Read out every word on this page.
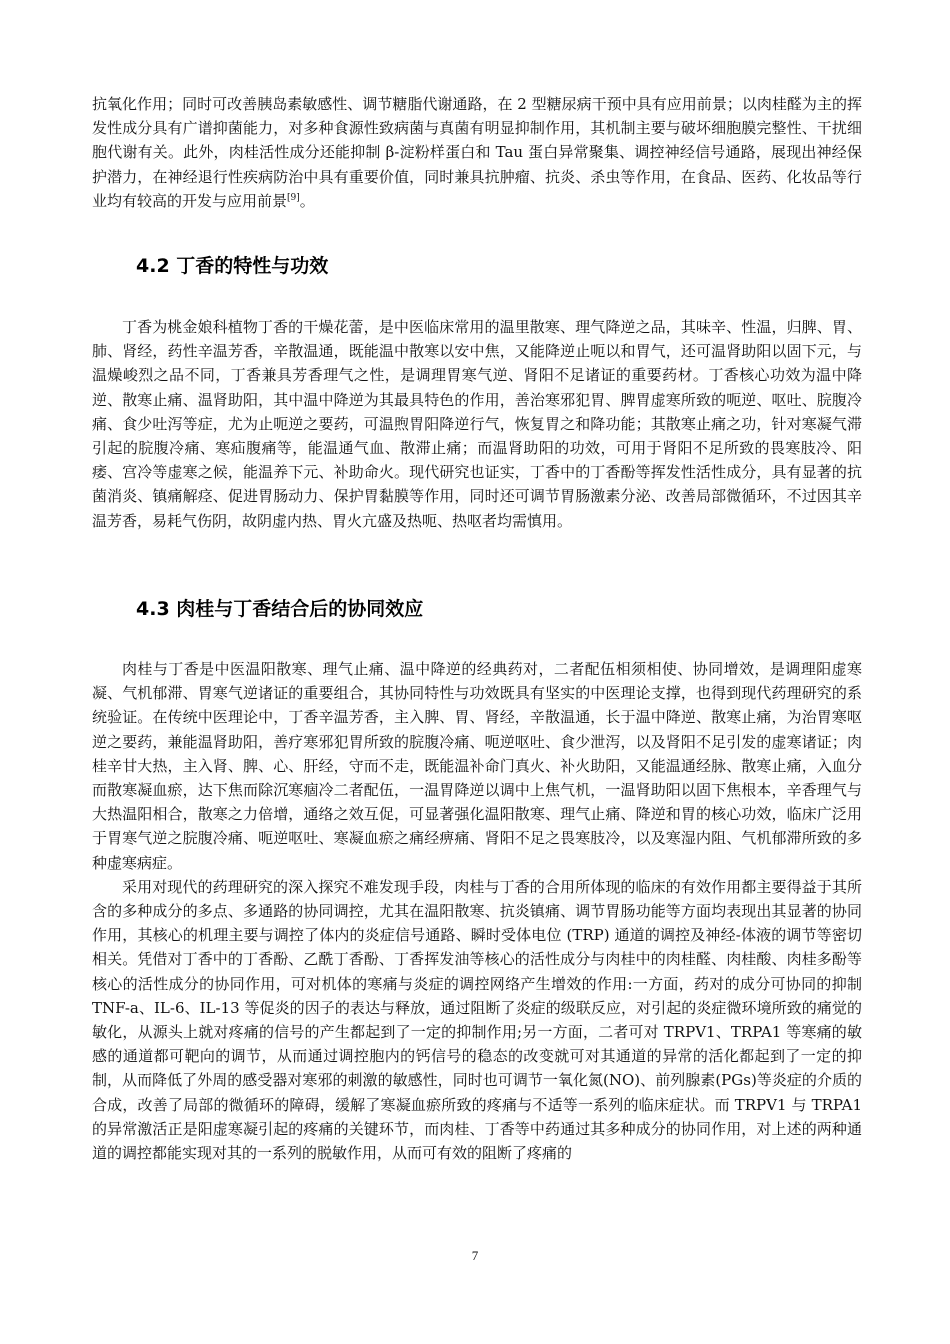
抗氧化作用；同时可改善胰岛素敏感性、调节糖脂代谢通路，在 2 型糖尿病干预中具有应用前景；以肉桂醛为主的挥发性成分具有广谱抑菌能力，对多种食源性致病菌与真菌有明显抑制作用，其机制主要与破坏细胞膜完整性、干扰细胞代谢有关。此外，肉桂活性成分还能抑制 β-淀粉样蛋白和 Tau 蛋白异常聚集、调控神经信号通路，展现出神经保护潜力，在神经退行性疾病防治中具有重要价值，同时兼具抗肿瘤、抗炎、杀虫等作用，在食品、医药、化妆品等行业均有较高的开发与应用前景[9]。

4.2 丁香的特性与功效

丁香为桃金娘科植物丁香的干燥花蕾，是中医临床常用的温里散寒、理气降逆之品，其味辛、性温，归脾、胃、肺、肾经，药性辛温芳香，辛散温通，既能温中散寒以安中焦，又能降逆止呃以和胃气，还可温肾助阳以固下元，与温燥峻烈之品不同，丁香兼具芳香理气之性，是调理胃寒气逆、肾阳不足诸证的重要药材。丁香核心功效为温中降逆、散寒止痛、温肾助阳，其中温中降逆为其最具特色的作用，善治寒邪犯胃、脾胃虚寒所致的呃逆、呕吐、脘腹冷痛、食少吐泻等症，尤为止呃逆之要药，可温煦胃阳降逆行气，恢复胃之和降功能；其散寒止痛之功，针对寒凝气滞引起的脘腹冷痛、寒疝腹痛等，能温通气血、散滞止痛；而温肾助阳的功效，可用于肾阳不足所致的畏寒肢冷、阳痿、宫冷等虚寒之候，能温养下元、补助命火。现代研究也证实，丁香中的丁香酚等挥发性活性成分，具有显著的抗菌消炎、镇痛解痉、促进胃肠动力、保护胃黏膜等作用，同时还可调节胃肠激素分泌、改善局部微循环，不过因其辛温芳香，易耗气伤阴，故阴虚内热、胃火亢盛及热呃、热呕者均需慎用。

4.3 肉桂与丁香结合后的协同效应

肉桂与丁香是中医温阳散寒、理气止痛、温中降逆的经典药对，二者配伍相须相使、协同增效，是调理阳虚寒凝、气机郁滞、胃寒气逆诸证的重要组合，其协同特性与功效既具有坚实的中医理论支撑，也得到现代药理研究的系统验证。在传统中医理论中，丁香辛温芳香，主入脾、胃、肾经，辛散温通，长于温中降逆、散寒止痛，为治胃寒呕逆之要药，兼能温肾助阳，善疗寒邪犯胃所致的脘腹冷痛、呃逆呕吐、食少泄泻，以及肾阳不足引发的虚寒诸证；肉桂辛甘大热，主入肾、脾、心、肝经，守而不走，既能温补命门真火、补火助阳，又能温通经脉、散寒止痛，入血分而散寒凝血瘀，达下焦而除沉寒痼冷二者配伍，一温胃降逆以调中上焦气机，一温肾助阳以固下焦根本，辛香理气与大热温阳相合，散寒之力倍增，通络之效互促，可显著强化温阳散寒、理气止痛、降逆和胃的核心功效，临床广泛用于胃寒气逆之脘腹冷痛、呃逆呕吐、寒凝血瘀之痛经痹痛、肾阳不足之畏寒肢冷，以及寒湿内阻、气机郁滞所致的多种虚寒病症。

采用对现代的药理研究的深入探究不难发现手段，肉桂与丁香的合用所体现的临床的有效作用都主要得益于其所含的多种成分的多点、多通路的协同调控，尤其在温阳散寒、抗炎镇痛、调节胃肠功能等方面均表现出其显著的协同作用，其核心的机理主要与调控了体内的炎症信号通路、瞬时受体电位 (TRP) 通道的调控及神经-体液的调节等密切相关。凭借对丁香中的丁香酚、乙酰丁香酚、丁香挥发油等核心的活性成分与肉桂中的肉桂醛、肉桂酸、肉桂多酚等核心的活性成分的协同作用，可对机体的寒痛与炎症的调控网络产生增效的作用:一方面，药对的成分可协同的抑制 TNF-a、IL-6、IL-13 等促炎的因子的表达与释放，通过阻断了炎症的级联反应，对引起的炎症微环境所致的痛觉的敏化，从源头上就对疼痛的信号的产生都起到了一定的抑制作用;另一方面，二者可对 TRPV1、TRPA1 等寒痛的敏感的通道都可靶向的调节，从而通过调控胞内的钙信号的稳态的改变就可对其通道的异常的活化都起到了一定的抑制，从而降低了外周的感受器对寒邪的刺激的敏感性，同时也可调节一氧化氮(NO)、前列腺素(PGs)等炎症的介质的合成，改善了局部的微循环的障碍，缓解了寒凝血瘀所致的疼痛与不适等一系列的临床症状。而 TRPV1 与 TRPA1 的异常激活正是阳虚寒凝引起的疼痛的关键环节，而肉桂、丁香等中药通过其多种成分的协同作用，对上述的两种通道的调控都能实现对其的一系列的脱敏作用，从而可有效的阻断了疼痛的

7
